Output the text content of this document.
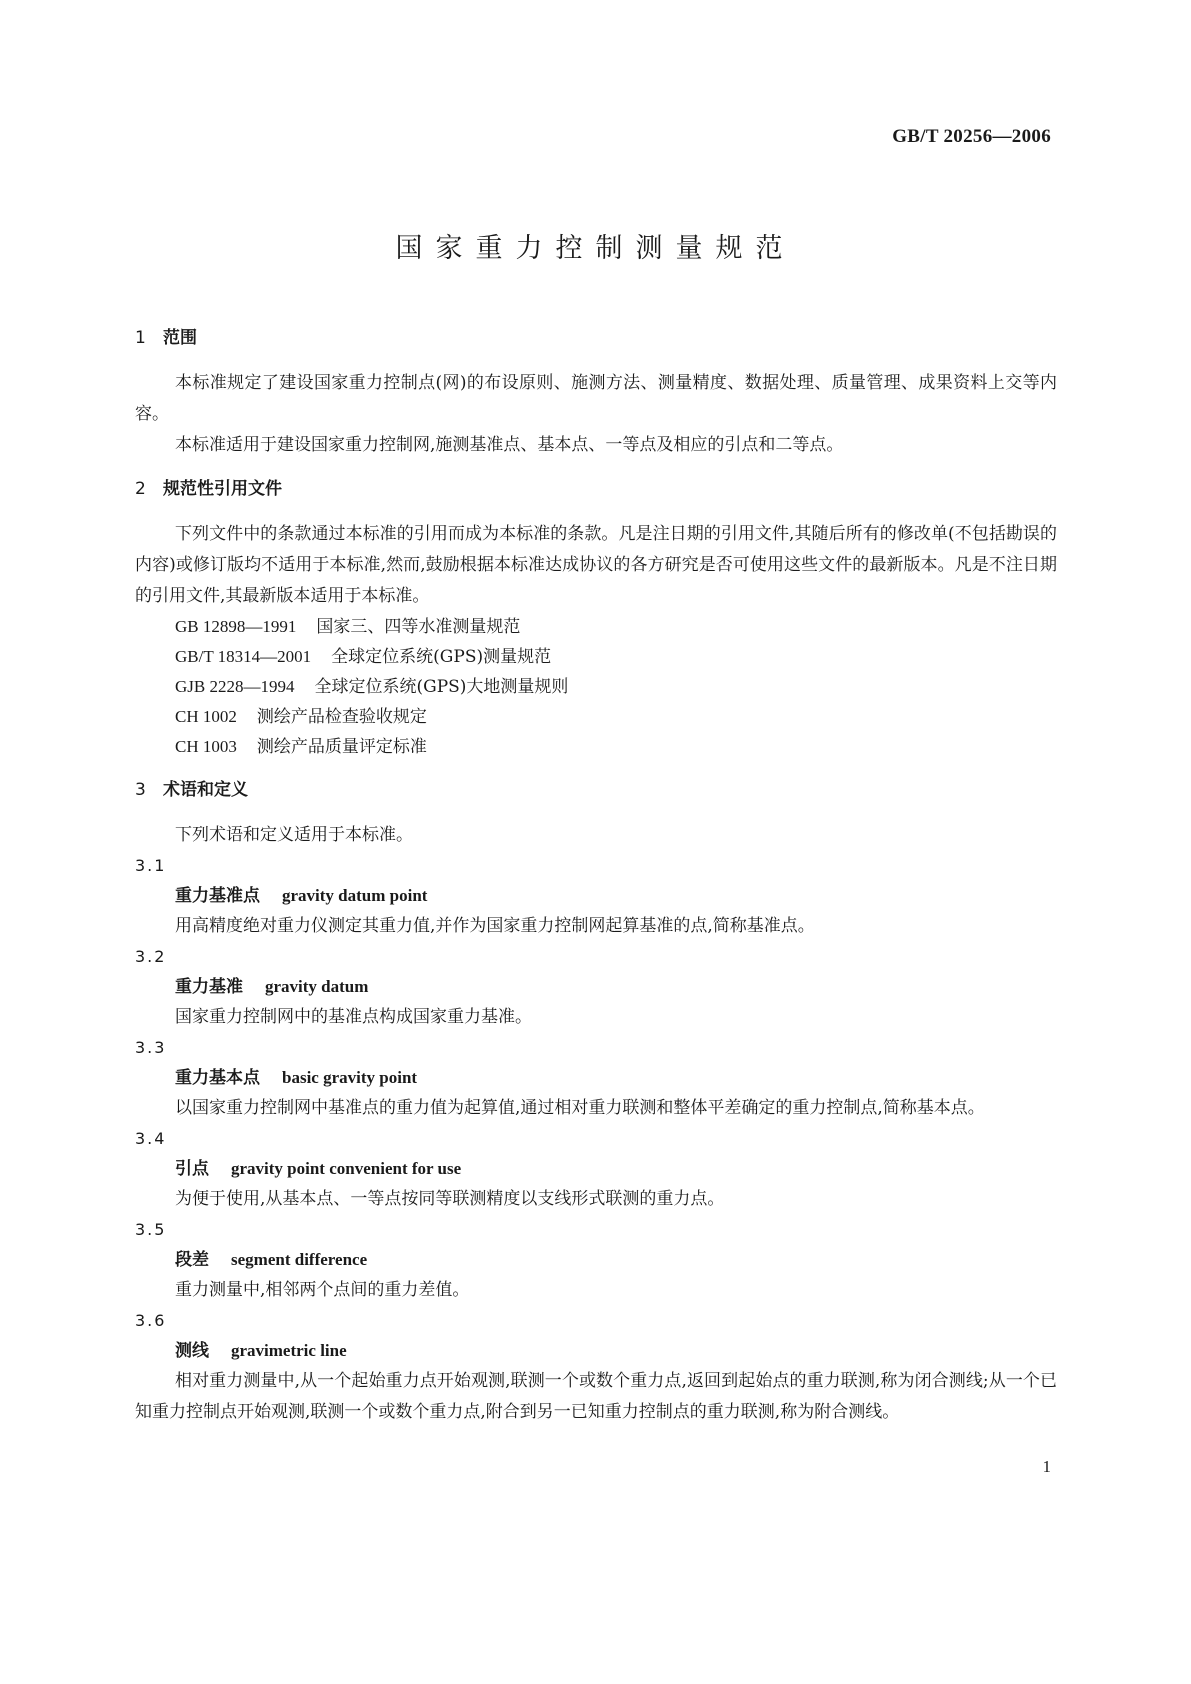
GB/T 20256—2006
国家重力控制测量规范
1 范围

本标准规定了建设国家重力控制点(网)的布设原则、施测方法、测量精度、数据处理、质量管理、成果资料上交等内容。

本标准适用于建设国家重力控制网,施测基准点、基本点、一等点及相应的引点和二等点。

2 规范性引用文件

下列文件中的条款通过本标准的引用而成为本标准的条款。凡是注日期的引用文件,其随后所有的修改单(不包括勘误的内容)或修订版均不适用于本标准,然而,鼓励根据本标准达成协议的各方研究是否可使用这些文件的最新版本。凡是不注日期的引用文件,其最新版本适用于本标准。

GB 12898—1991 国家三、四等水准测量规范

GB/T 18314—2001 全球定位系统(GPS)测量规范

GJB 2228—1994 全球定位系统(GPS)大地测量规则

CH 1002 测绘产品检查验收规定

CH 1003 测绘产品质量评定标准

3 术语和定义

下列术语和定义适用于本标准。

3.1

重力基准点 gravity datum point

用高精度绝对重力仪测定其重力值,并作为国家重力控制网起算基准的点,简称基准点。

3.2

重力基准 gravity datum

国家重力控制网中的基准点构成国家重力基准。

3.3

重力基本点 basic gravity point

以国家重力控制网中基准点的重力值为起算值,通过相对重力联测和整体平差确定的重力控制点,简称基本点。

3.4

引点 gravity point convenient for use

为便于使用,从基本点、一等点按同等联测精度以支线形式联测的重力点。

3.5

段差 segment difference

重力测量中,相邻两个点间的重力差值。

3.6

测线 gravimetric line

相对重力测量中,从一个起始重力点开始观测,联测一个或数个重力点,返回到起始点的重力联测,称为闭合测线;从一个已知重力控制点开始观测,联测一个或数个重力点,附合到另一已知重力控制点的重力联测,称为附合测线。

1
